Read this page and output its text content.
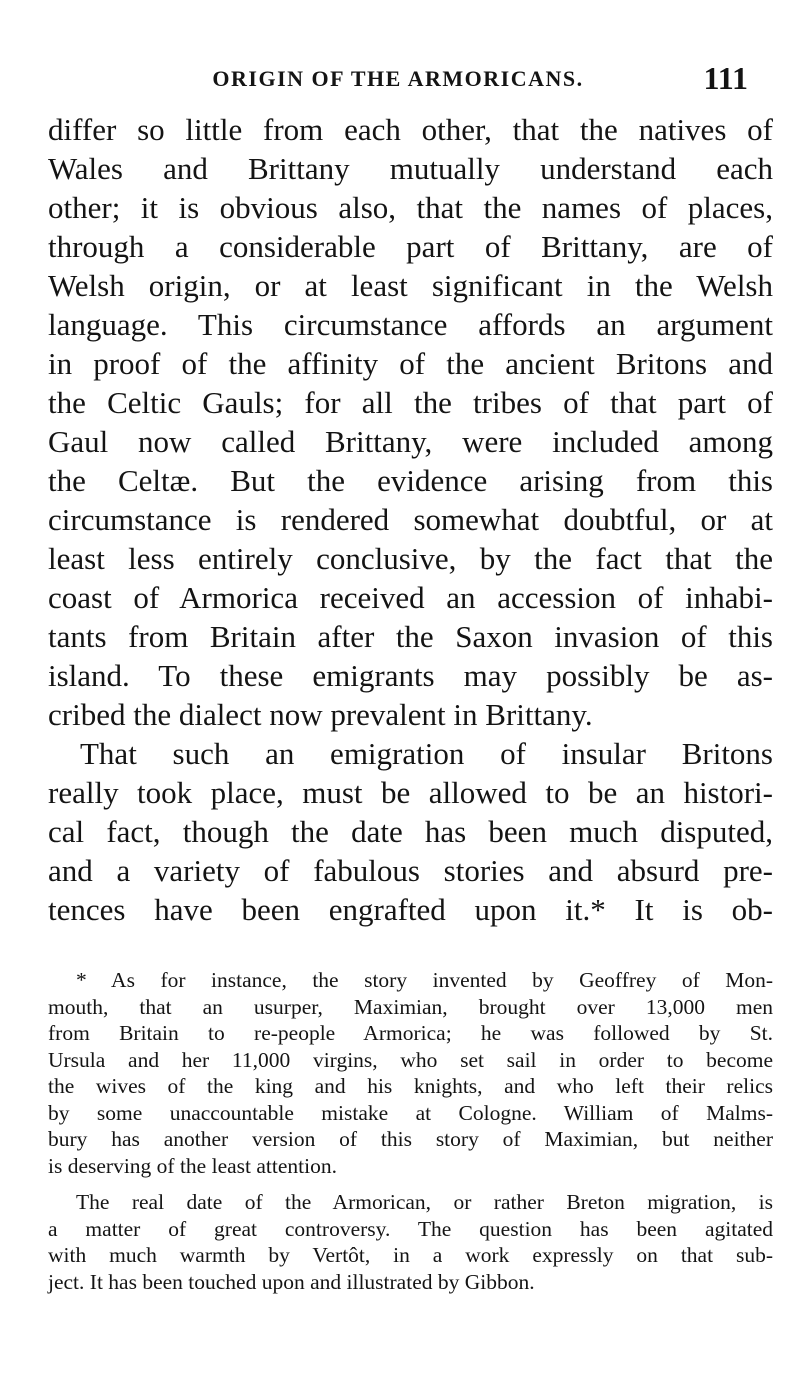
ORIGIN OF THE ARMORICANS.	111
differ so little from each other, that the natives of
Wales and Brittany mutually understand each
other; it is obvious also, that the names of places,
through a considerable part of Brittany, are of
Welsh origin, or at least significant in the Welsh
language. This circumstance affords an argument
in proof of the affinity of the ancient Britons and
the Celtic Gauls; for all the tribes of that part of
Gaul now called Brittany, were included among
the Celtæ. But the evidence arising from this
circumstance is rendered somewhat doubtful, or at
least less entirely conclusive, by the fact that the
coast of Armorica received an accession of inhabi-
tants from Britain after the Saxon invasion of this
island. To these emigrants may possibly be as-
cribed the dialect now prevalent in Brittany.
That such an emigration of insular Britons
really took place, must be allowed to be an histori-
cal fact, though the date has been much disputed,
and a variety of fabulous stories and absurd pre-
tences have been engrafted upon it.* It is ob-
* As for instance, the story invented by Geoffrey of Mon-
mouth, that an usurper, Maximian, brought over 13,000 men
from Britain to re-people Armorica; he was followed by St.
Ursula and her 11,000 virgins, who set sail in order to become
the wives of the king and his knights, and who left their relics
by some unaccountable mistake at Cologne. William of Malms-
bury has another version of this story of Maximian, but neither
is deserving of the least attention.
The real date of the Armorican, or rather Breton migration, is
a matter of great controversy. The question has been agitated
with much warmth by Vertôt, in a work expressly on that sub-
ject. It has been touched upon and illustrated by Gibbon.
